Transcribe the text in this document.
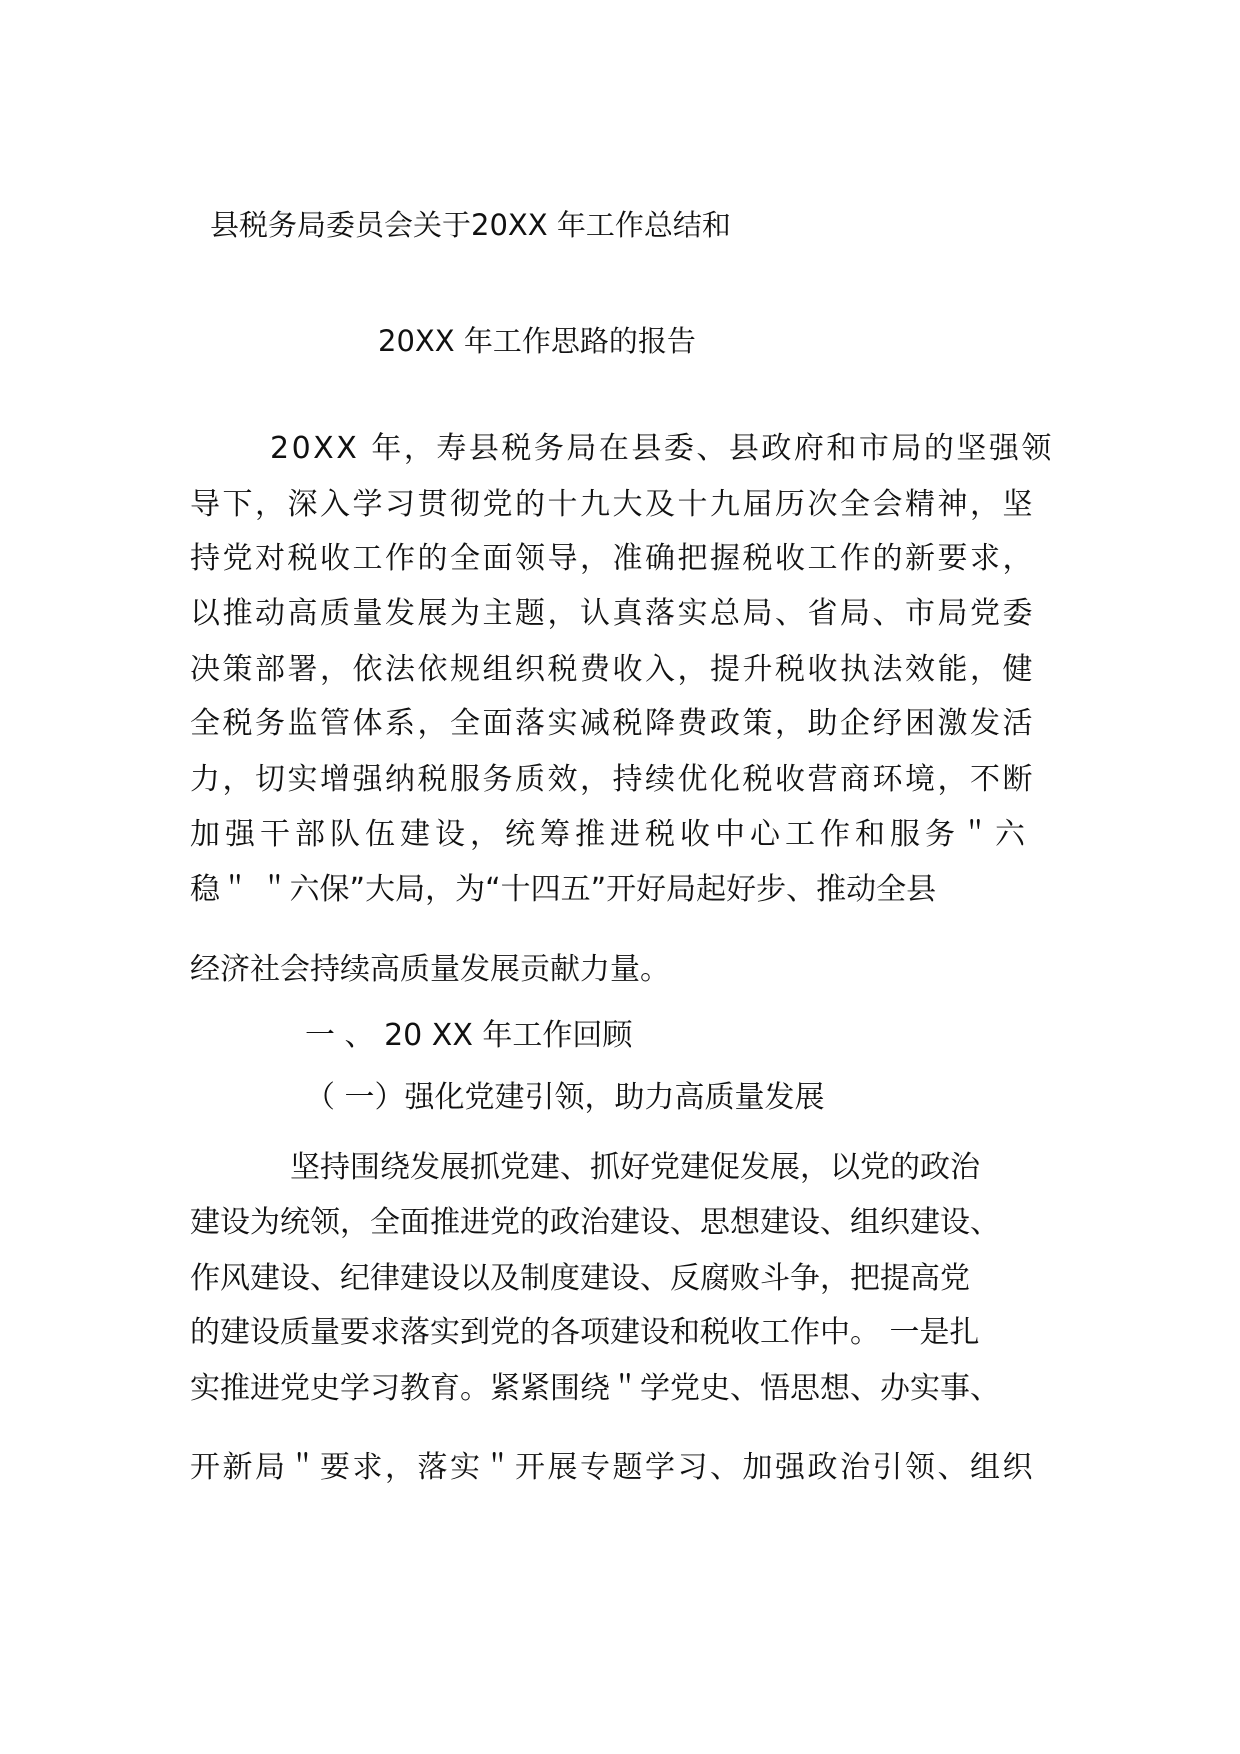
县税务局委员会关于20XX 年工作总结和
20XX 年工作思路的报告
20XX 年，寿县税务局在县委、县政府和市局的坚强领
导下，深入学习贯彻党的十九大及十九届历次全会精神，坚
持党对税收工作的全面领导，准确把握税收工作的新要求，
以推动高质量发展为主题，认真落实总局、省局、市局党委
决策部署，依法依规组织税费收入，提升税收执法效能，健
全税务监管体系，全面落实减税降费政策，助企纾困激发活
力，切实增强纳税服务质效，持续优化税收营商环境，不断
加强干部队伍建设，统筹推进税收中心工作和服务＂六
稳＂ ＂六保”大局，为“十四五”开好局起好步、推动全县
经济社会持续高质量发展贡献力量。
一 、 20 XX 年工作回顾
（ 一）强化党建引领，助力高质量发展
坚持围绕发展抓党建、抓好党建促发展，以党的政治
建设为统领，全面推进党的政治建设、思想建设、组织建设、
作风建设、纪律建设以及制度建设、反腐败斗争，把提高党
的建设质量要求落实到党的各项建设和税收工作中。 一是扎
实推进党史学习教育。紧紧围绕＂学党史、悟思想、办实事、
开新局＂要求，落实＂开展专题学习、加强政治引领、组织
